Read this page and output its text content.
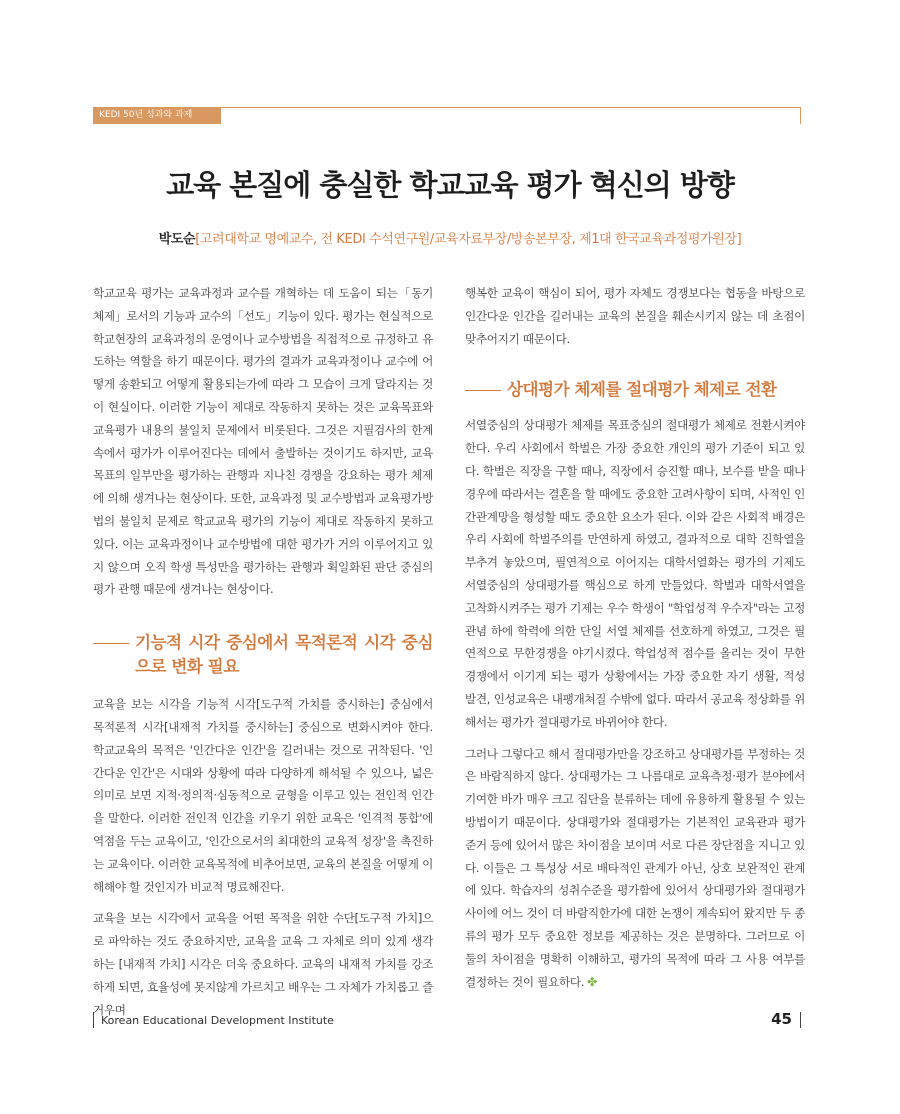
KEDI 50년 성과와 과제
교육 본질에 충실한 학교교육 평가 혁신의 방향
박도순[고려대학교 명예교수, 전 KEDI 수석연구원/교육자료부장/방송본부장, 제1대 한국교육과정평가원장]

학교교육 평가는 교육과정과 교수를 개혁하는 데 도움이 되는「동기 체제」로서의 기능과 교수의「선도」기능이 있다. 평가는 현실적으로 학교현장의 교육과정의 운영이나 교수방법을 직접적으로 규정하고 유도하는 역할을 하기 때문이다. 평가의 결과가 교육과정이나 교수에 어떻게 송환되고 어떻게 활용되는가에 따라 그 모습이 크게 달라지는 것이 현실이다. 이러한 기능이 제대로 작동하지 못하는 것은 교육목표와 교육평가 내용의 불일치 문제에서 비롯된다. 그것은 지필검사의 한계 속에서 평가가 이루어진다는 데에서 출발하는 것이기도 하지만, 교육목표의 일부만을 평가하는 관행과 지나친 경쟁을 강요하는 평가 체제에 의해 생겨나는 현상이다. 또한, 교육과정 및 교수방법과 교육평가방법의 불일치 문제로 학교교육 평가의 기능이 제대로 작동하지 못하고 있다. 이는 교육과정이나 교수방법에 대한 평가가 거의 이루어지고 있지 않으며 오직 학생 특성만을 평가하는 관행과 획일화된 판단 중심의 평가 관행 때문에 생겨나는 현상이다.

기능적 시각 중심에서 목적론적 시각 중심으로 변화 필요

교육을 보는 시각을 기능적 시각[도구적 가치를 중시하는] 중심에서 목적론적 시각[내재적 가치를 중시하는] 중심으로 변화시켜야 한다. 학교교육의 목적은 '인간다운 인간'을 길러내는 것으로 귀착된다. '인간다운 인간'은 시대와 상황에 따라 다양하게 해석될 수 있으나, 넓은 의미로 보면 지적·정의적·심동적으로 균형을 이루고 있는 전인적 인간을 말한다. 이러한 전인적 인간을 키우기 위한 교육은 '인격적 통합'에 역점을 두는 교육이고, '인간으로서의 최대한의 교육적 성장'을 촉진하는 교육이다. 이러한 교육목적에 비추어보면, 교육의 본질을 어떻게 이해해야 할 것인지가 비교적 명료해진다.

교육을 보는 시각에서 교육을 어떤 목적을 위한 수단[도구적 가치]으로 파악하는 것도 중요하지만, 교육을 교육 그 자체로 의미 있게 생각하는 [내재적 가치] 시각은 더욱 중요하다. 교육의 내재적 가치를 강조하게 되면, 효율성에 못지않게 가르치고 배우는 그 자체가 가치롭고 즐거우며

행복한 교육이 핵심이 되어, 평가 자체도 경쟁보다는 협동을 바탕으로 인간다운 인간을 길러내는 교육의 본질을 훼손시키지 않는 데 초점이 맞추어지기 때문이다.

상대평가 체제를 절대평가 체제로 전환

서열중심의 상대평가 체제를 목표중심의 절대평가 체제로 전환시켜야 한다. 우리 사회에서 학벌은 가장 중요한 개인의 평가 기준이 되고 있다. 학벌은 직장을 구할 때나, 직장에서 승진할 때나, 보수를 받을 때나 경우에 따라서는 결혼을 할 때에도 중요한 고려사항이 되며, 사적인 인간관계망을 형성할 때도 중요한 요소가 된다. 이와 같은 사회적 배경은 우리 사회에 학벌주의를 만연하게 하였고, 결과적으로 대학 진학열을 부추겨 놓았으며, 필연적으로 이어지는 대학서열화는 평가의 기제도 서열중심의 상대평가를 핵심으로 하게 만들었다. 학벌과 대학서열을 고착화시켜주는 평가 기제는 우수 학생이 "학업성적 우수자"라는 고정 관념 하에 학력에 의한 단일 서열 체제를 선호하게 하였고, 그것은 필연적으로 무한경쟁을 야기시켰다. 학업성적 점수를 올리는 것이 무한 경쟁에서 이기게 되는 평가 상황에서는 가장 중요한 자기 생활, 적성 발견, 인성교육은 내팽개쳐질 수밖에 없다. 따라서 공교육 정상화를 위해서는 평가가 절대평가로 바뀌어야 한다.

그러나 그렇다고 해서 절대평가만을 강조하고 상대평가를 부정하는 것은 바람직하지 않다. 상대평가는 그 나름대로 교육측정·평가 분야에서 기여한 바가 매우 크고 집단을 분류하는 데에 유용하게 활용될 수 있는 방법이기 때문이다. 상대평가와 절대평가는 기본적인 교육관과 평가 준거 등에 있어서 많은 차이점을 보이며 서로 다른 장단점을 지니고 있다. 이들은 그 특성상 서로 배타적인 관계가 아닌, 상호 보완적인 관계에 있다. 학습자의 성취수준을 평가함에 있어서 상대평가와 절대평가 사이에 어느 것이 더 바람직한가에 대한 논쟁이 계속되어 왔지만 두 종류의 평가 모두 중요한 정보를 제공하는 것은 분명하다. 그러므로 이 둘의 차이점을 명확히 이해하고, 평가의 목적에 따라 그 사용 여부를 결정하는 것이 필요하다. ✤

Korean Educational Development Institute	45
